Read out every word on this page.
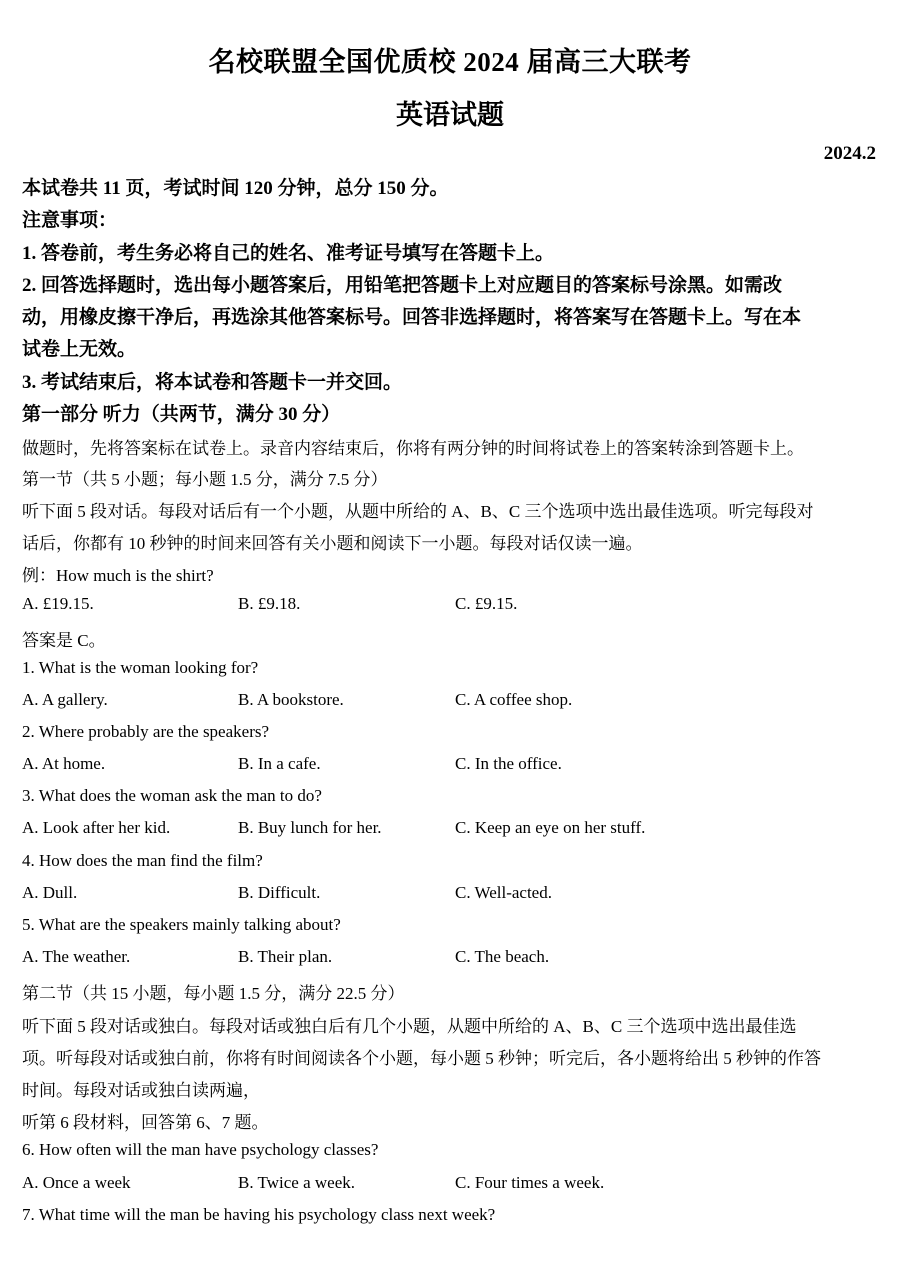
名校联盟全国优质校 2024 届高三大联考
英语试题
2024.2
本试卷共 11 页，考试时间 120 分钟，总分 150 分。
注意事项：
1. 答卷前，考生务必将自己的姓名、准考证号填写在答题卡上。
2. 回答选择题时，选出每小题答案后，用铅笔把答题卡上对应题目的答案标号涂黑。如需改
动，用橡皮擦干净后，再选涂其他答案标号。回答非选择题时，将答案写在答题卡上。写在本
试卷上无效。
3. 考试结束后，将本试卷和答题卡一并交回。
第一部分 听力（共两节，满分 30 分）
做题时，先将答案标在试卷上。录音内容结束后，你将有两分钟的时间将试卷上的答案转涂到答题卡上。
第一节（共 5 小题；每小题 1.5 分，满分 7.5 分）
听下面 5 段对话。每段对话后有一个小题，从题中所给的 A、B、C 三个选项中选出最佳选项。听完每段对
话后，你都有 10 秒钟的时间来回答有关小题和阅读下一小题。每段对话仅读一遍。
例：How much is the shirt?
A. £19.15.	B. £9.18.	C. £9.15.
答案是 C。
1. What is the woman looking for?
A. A gallery.	B. A bookstore.	C. A coffee shop.
2. Where probably are the speakers?
A. At home.	B. In a cafe.	C. In the office.
3. What does the woman ask the man to do?
A. Look after her kid.	B. Buy lunch for her.	C. Keep an eye on her stuff.
4. How does the man find the film?
A. Dull.	B. Difficult.	C. Well-acted.
5. What are the speakers mainly talking about?
A. The weather.	B. Their plan.	C. The beach.
第二节（共 15 小题，每小题 1.5 分，满分 22.5 分）
听下面 5 段对话或独白。每段对话或独白后有几个小题，从题中所给的 A、B、C 三个选项中选出最佳选
项。听每段对话或独白前，你将有时间阅读各个小题，每小题 5 秒钟；听完后，各小题将给出 5 秒钟的作答
时间。每段对话或独白读两遍，
听第 6 段材料，回答第 6、7 题。
6. How often will the man have psychology classes?
A. Once a week	B. Twice a week.	C. Four times a week.
7. What time will the man be having his psychology class next week?
